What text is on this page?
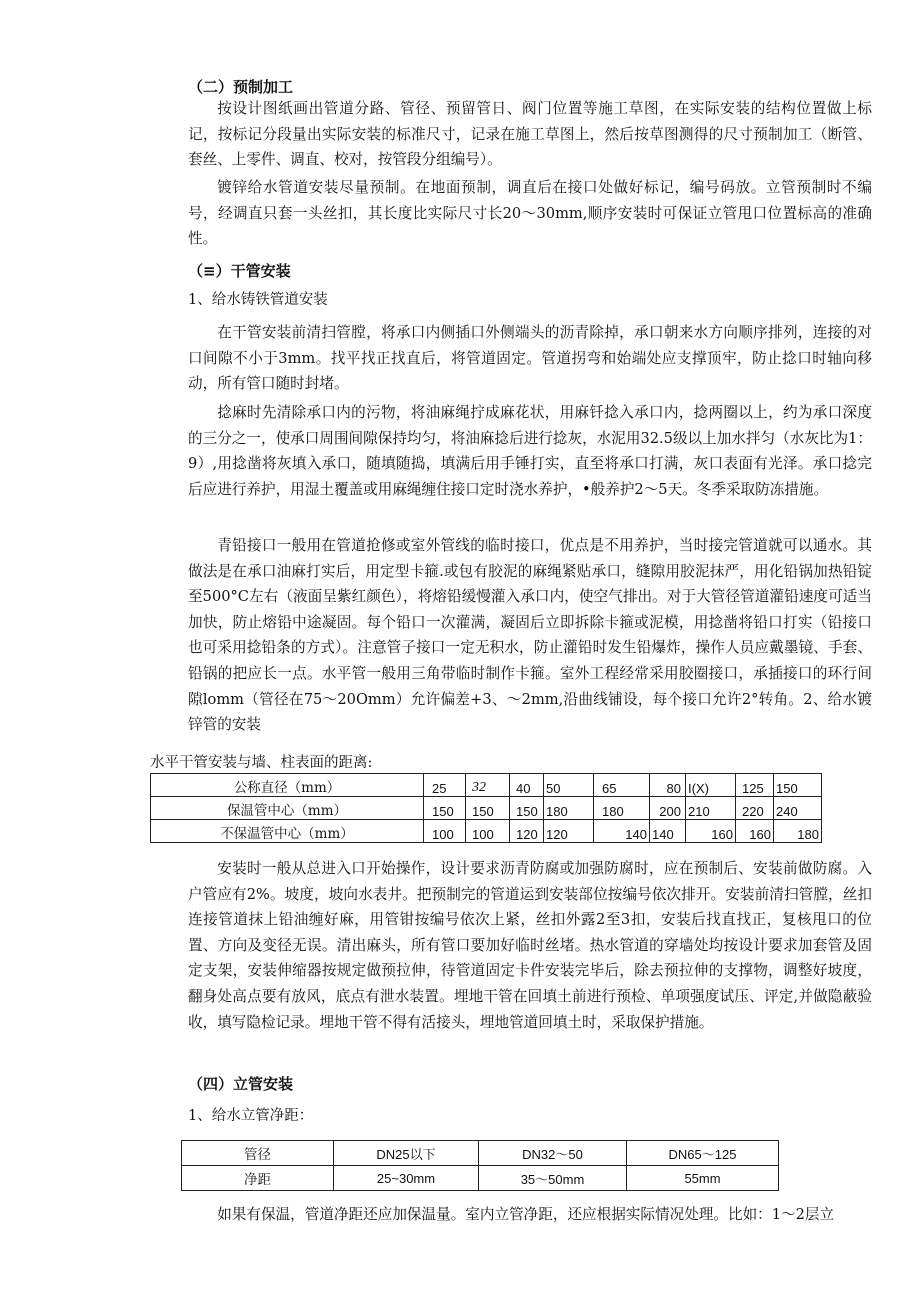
（二）预制加工

按设计图纸画出管道分路、管径、预留管日、阀门位置等施工草图，在实际安装的结构位置做上标记，按标记分段量出实际安装的标准尺寸，记录在施工草图上，然后按草图测得的尺寸预制加工（断管、套丝、上零件、调直、校对，按管段分组编号）。

镀锌给水管道安装尽量预制。在地面预制，调直后在接口处做好标记，编号码放。立管预制时不编号，经调直只套一头丝扣，其长度比实际尺寸长20～30mm,顺序安装时可保证立管甩口位置标高的准确性。

（≡）干管安装
1、给水铸铁管道安装

在干管安装前清扫管膛，将承口内侧插口外侧端头的沥青除掉，承口朝来水方向顺序排列，连接的对口间隙不小于3mm。找平找正找直后，将管道固定。管道拐弯和始端处应支撑顶牢，防止捻口时轴向移动，所有管口随时封堵。

捻麻时先清除承口内的污物，将油麻绳拧成麻花状，用麻钎捻入承口内，捻两圈以上，约为承口深度的三分之一，使承口周围间隙保持均匀，将油麻捻后进行捻灰，水泥用32.5级以上加水拌匀（水灰比为1：9）,用捻凿将灰填入承口，随填随捣，填满后用手锤打实，直至将承口打满，灰口表面有光泽。承口捻完后应进行养护，用湿土覆盖或用麻绳缠住接口定时浇水养护，•般养护2～5天。冬季采取防冻措施。

青铅接口一般用在管道抢修或室外管线的临时接口，优点是不用养护，当时接完管道就可以通水。其做法是在承口油麻打实后，用定型卡箍.或包有胶泥的麻绳紧贴承口，缝隙用胶泥抹严，用化铅锅加热铅锭至500°C左右（液面呈紫红颜色），将熔铅缓慢灌入承口内，使空气排出。对于大管径管道灌铅速度可适当加快，防止熔铅中途凝固。每个铅口一次灌满，凝固后立即拆除卡箍或泥模，用捻凿将铅口打实（铅接口也可采用捻铅条的方式）。注意管子接口一定无积水，防止灌铅时发生铅爆炸，操作人员应戴墨镜、手套、铅锅的把应长一点。水平管一般用三角带临时制作卡箍。室外工程经常采用胶圈接口，承插接口的环行间隙lomm（管径在75～20Omm）允许偏差+3、～2mm,沿曲线铺设，每个接口允许2°转角。2、给水镀锌管的安装

水平干管安装与墙、柱表面的距离:
公称直径（mm）	25	32	40	50	65	80	I(X)	125	150
保温管中心（mm）	150	150	150	180	180	200	210	220	240
不保温管中心（mm）	100	100	120	120	140	140	160	160	180

安装时一般从总进入口开始操作，设计要求沥青防腐或加强防腐时，应在预制后、安装前做防腐。入户管应有2%。坡度，坡向水表井。把预制完的管道运到安装部位按编号依次排开。安装前清扫管膛，丝扣连接管道抹上铅油缠好麻，用管钳按编号依次上紧，丝扣外露2至3扣，安装后找直找正，复核甩口的位置、方向及变径无误。清出麻头，所有管口要加好临时丝堵。热水管道的穿墙处均按设计要求加套管及固定支架，安装伸缩器按规定做预拉伸，待管道固定卡件安装完毕后，除去预拉伸的支撑物，调整好坡度，翻身处高点要有放风，底点有泄水装置。埋地干管在回填土前进行预检、单项强度试压、评定,并做隐蔽验收，填写隐检记录。埋地干管不得有活接头，埋地管道回填土时，采取保护措施。

（四）立管安装
1、给水立管净距：
管径	DN25以下	DN32～50	DN65～125
净距	25~30mm	35～50mm	55mm

如果有保温，管道净距还应加保温量。室内立管净距，还应根据实际情况处理。比如：1～2层立
